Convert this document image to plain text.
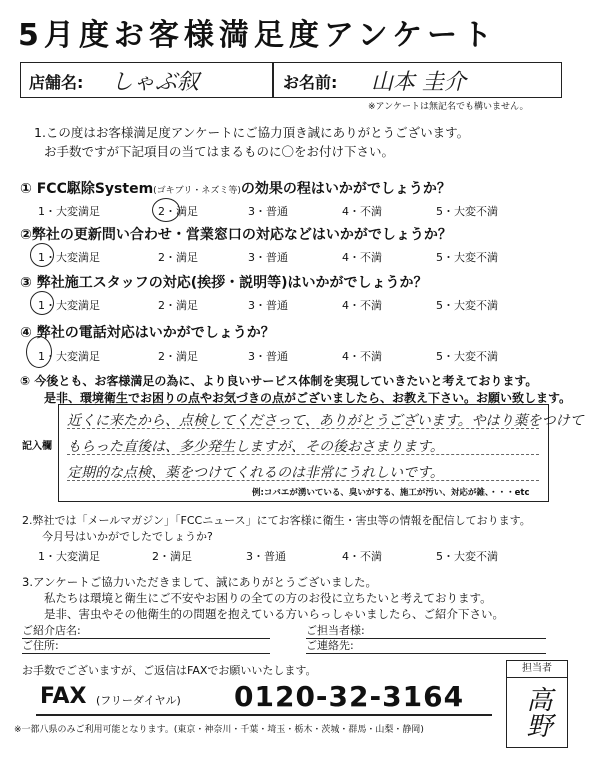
5月度お客様満足度アンケート
店舗名: しゃぶ叙	お名前: 山本 圭介
※アンケートは無記名でも構いません。
1.この度はお客様満足度アンケートにご協力頂き誠にありがとうございます。
お手数ですが下記項目の当てはまるものに〇をお付け下さい。
① FCC駆除System(ゴキブリ・ネズミ等)の効果の程はいかがでしょうか？
1・大変満足	2・満足	3・普通	4・不満	5・大変不満
②弊社の更新問い合わせ・営業窓口の対応などはいかがでしょうか？
1・大変満足	2・満足	3・普通	4・不満	5・大変不満
③ 弊社施工スタッフの対応(挨拶・説明等)はいかがでしょうか？
1・大変満足	2・満足	3・普通	4・不満	5・大変不満
④ 弊社の電話対応はいかがでしょうか？
1・大変満足	2・満足	3・普通	4・不満	5・大変不満
⑤ 今後とも、お客様満足の為に、より良いサービス体制を実現していきたいと考えております。
是非、環境衛生でお困りの点やお気づきの点がございましたら、お教え下さい。お願い致します。
記入欄
近くに来たから、点検してくださって、ありがとうございます。やはり薬をつけて
もらった直後は、多少発生しますが、その後おさまります。
定期的な点検、薬をつけてくれるのは非常にうれしいです。
例:コバエが湧いている、臭いがする、施工が汚い、対応が雑、・・・etc
2.弊社では「メールマガジン」「FCCニュース」にてお客様に衛生・害虫等の情報を配信しております。
今月号はいかがでしたでしょうか?
1・大変満足	2・満足	3・普通	4・不満	5・大変不満
3.アンケートご協力いただきまして、誠にありがとうございました。
私たちは環境と衛生にご不安やお困りの全ての方のお役に立ちたいと考えております。
是非、害虫やその他衛生的の問題を抱えている方いらっしゃいましたら、ご紹介下さい。
ご紹介店名:	ご担当者様:
ご住所:	ご連絡先:
お手数でございますが、ご返信はFAXでお願いいたします。
FAX (フリーダイヤル) 0120-32-3164
※一都八県のみご利用可能となります。(東京・神奈川・千葉・埼玉・栃木・茨城・群馬・山梨・静岡)
担当者
高野
